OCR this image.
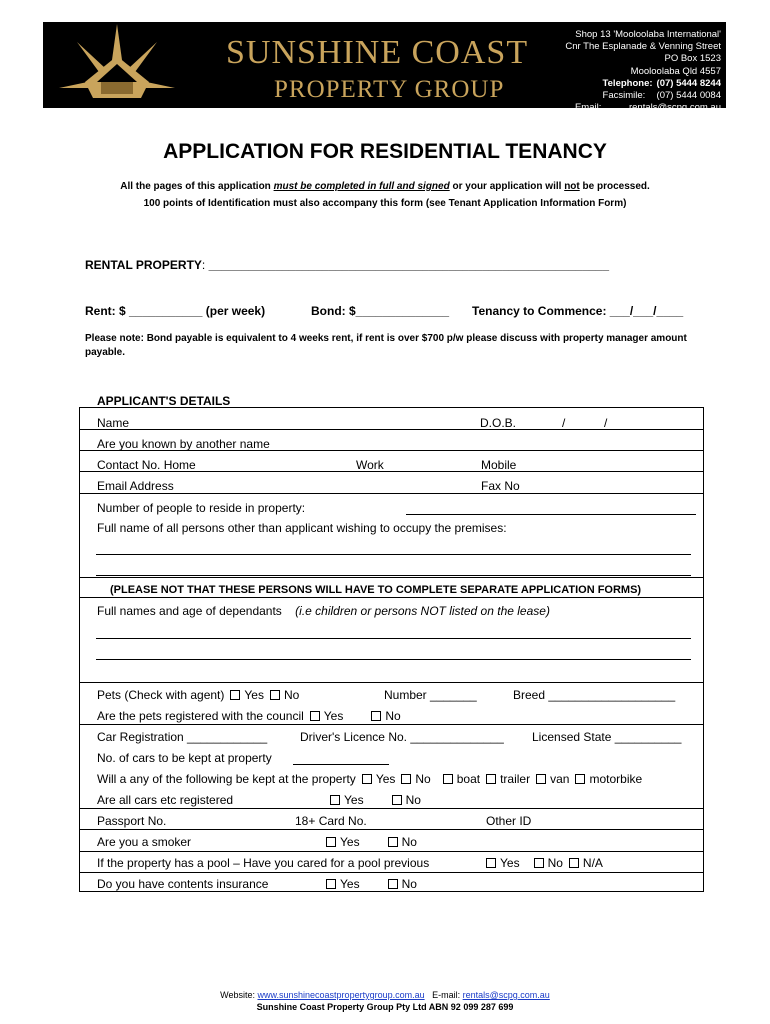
SUNSHINE COAST
PROPERTY GROUP
Shop 13 'Mooloolaba International'
Cnr The Esplanade & Venning Street
PO Box 1523
Mooloolaba Qld 4557
Telephone: (07) 5444 8244
Facsimile: (07) 5444 0084
Email:	rentals@scpg.com.au
APPLICATION FOR RESIDENTIAL TENANCY
All the pages of this application must be completed in full and signed or your application will not be processed.
100 points of Identification must also accompany this form (see Tenant Application Information Form)
RENTAL PROPERTY: ____________________________________________________________
Rent: $ ___________ (per week)	Bond: $______________ Tenancy to Commence: ___/___/____
Please note: Bond payable is equivalent to 4 weeks rent, if rent is over $700 p/w please discuss with property manager amount payable.
APPLICANT'S DETAILS
Name	D.O.B.	/	/
Are you known by another name
Contact No. Home	Work	Mobile
Email Address	Fax No
Number of people to reside in property:
Full name of all persons other than applicant wishing to occupy the premises:
(PLEASE NOT THAT THESE PERSONS WILL HAVE TO COMPLETE SEPARATE APPLICATION FORMS)
Full names and age of dependants (i.e children or persons NOT listed on the lease)
Pets (Check with agent) Yes No	Number _______	Breed ___________________
Are the pets registered with the council Yes	No
Car Registration ____________	Driver's Licence No. ______________ Licensed State __________
No. of cars to be kept at property
Will a any of the following be kept at the property Yes No boat trailer van motorbike
Are all cars etc registered	Yes	No
Passport No.	18+ Card No.	Other ID
Are you a smoker	Yes	No
If the property has a pool – Have you cared for a pool previous	Yes No N/A
Do you have contents insurance	Yes	No
Website: www.sunshinecoastpropertygroup.com.au E-mail: rentals@scpg.com.au
Sunshine Coast Property Group Pty Ltd ABN 92 099 287 699
